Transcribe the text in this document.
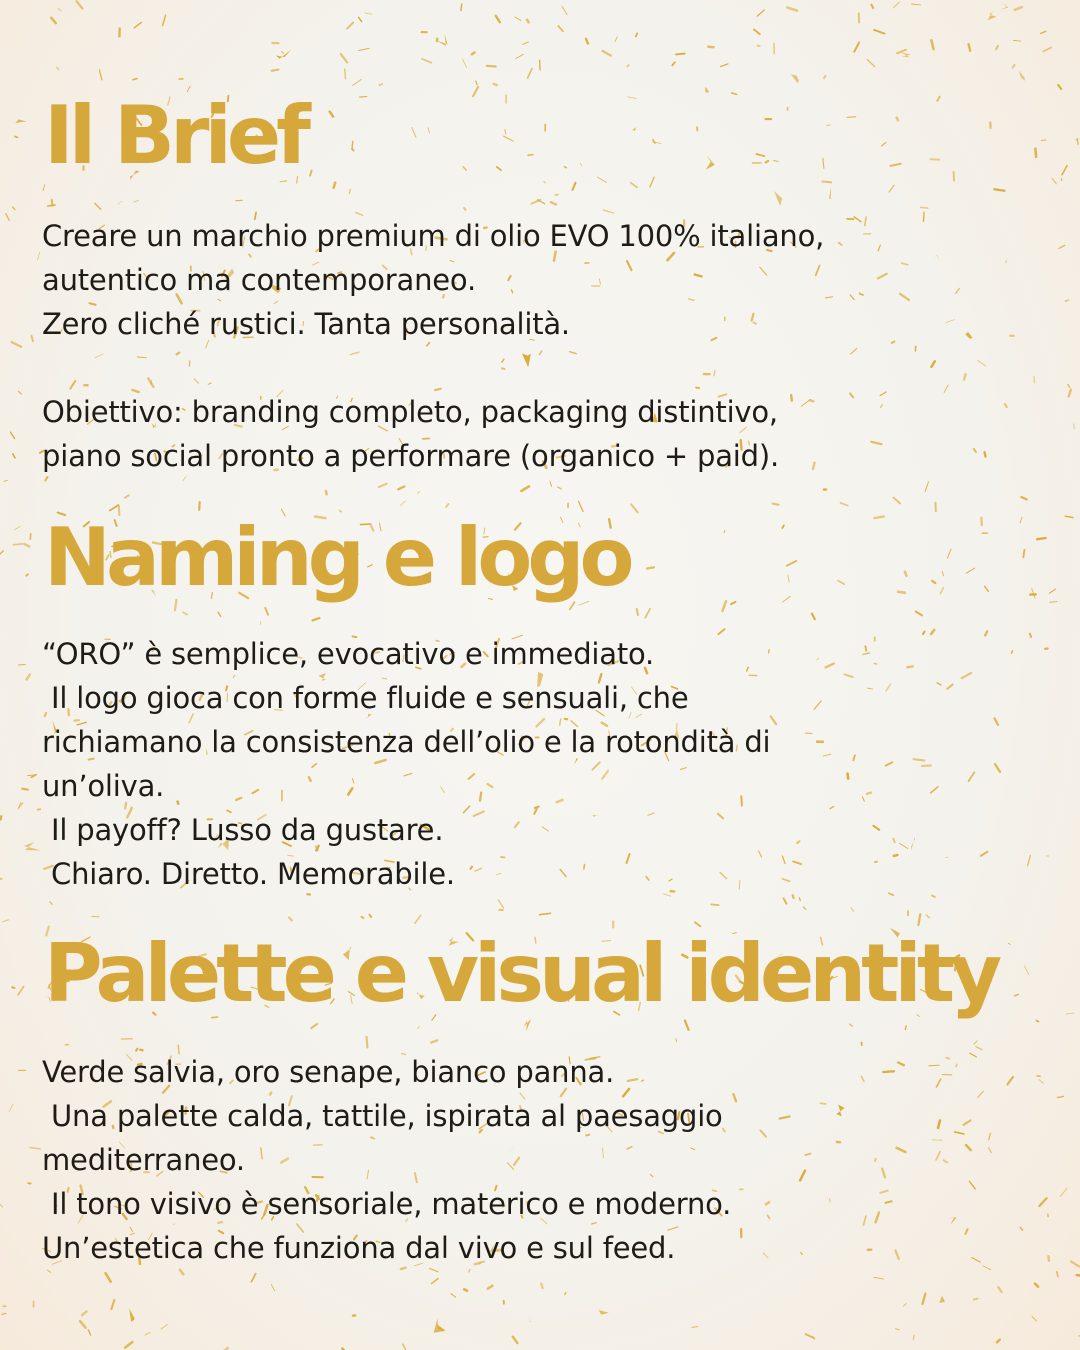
Il Brief
Creare un marchio premium di olio EVO 100% italiano,
autentico ma contemporaneo.
Zero cliché rustici. Tanta personalità.
Obiettivo: branding completo, packaging distintivo,
piano social pronto a performare (organico + paid).
Naming e logo
“ORO” è semplice, evocativo e immediato.
Il logo gioca con forme fluide e sensuali, che
richiamano la consistenza dell’olio e la rotondità di
un’oliva.
Il payoff? Lusso da gustare.
Chiaro. Diretto. Memorabile.
Palette e visual identity
Verde salvia, oro senape, bianco panna.
Una palette calda, tattile, ispirata al paesaggio
mediterraneo.
Il tono visivo è sensoriale, materico e moderno.
Un’estetica che funziona dal vivo e sul feed.
